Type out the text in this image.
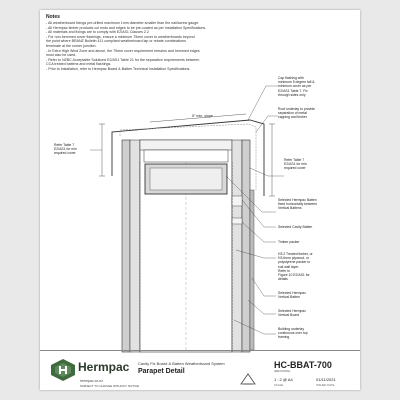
Notes
- All weatherboard fixings pre-drilled maximum 1mm diameter smaller than the nail/screw gauge.
- All Hermpac timber products cut ends and edges to be pre-coated as per Installation Specifications.
- All materials and fixings are to comply with E2/AS1 Clauses 2.2
- For non-hemmed cover flashings, ensure a minimum 75mm cover to weatherboards beyond
the point where BRANZ Bulletin 411 compliant weatherboard lap or rebate combinations
terminate at the corner junction.
- In Extra High Wind Zone and above, the 75mm cover requirement remains and hemmed edges
must also be used.
- Refer to NZBC Acceptable Solutions E2/AS1 Table 21 for the separation requirements between
CCA treated battens and metal flashings.
- Prior to installation, refer to Hermpac Board & Batten Technical Installation Specifications.
5° min. slope
Refer Table 7
E2/AS1 for min
required cover
Cap flashing with
minimum 5 degree fall &
minimum cover as per
E2/AS1 Table 7. Fix
through sides only
Roof underlay to provide
separation of metal
capping and timber
Refer Table 7
E2/AS1 for min
required cover
Selected Hermpac Batten
fixed horizontally between
Vertical Battens
Selected Cavity Batten
Timber packer
H3.2 Treated timber, or
H3.6mm plywood, or
polystyrene packer to
suit wall layer.
Refer to
Figure 10 E2/AS1 for
details
Selected Hermpac
Vertical Batten
Selected Hermpac
Vertical Board
Building underlay
continuous over top
framing
Hermpac
hermpac.co.nz
SUBJECT TO CHANGE WITHOUT NOTICE
Cavity Fix Board & Batten Weatherboard System
Parapet Detail
HC-BBAT-700
(REVISION)
1 : 2 @ A4
SCALE
01/11/2021
ISSUED DATE
